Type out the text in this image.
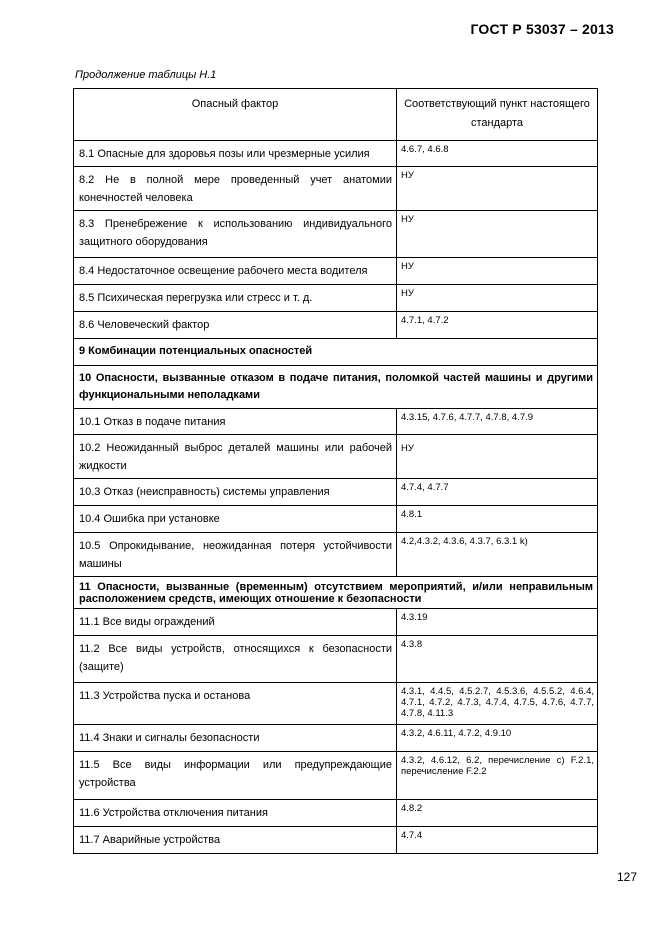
ГОСТ Р 53037 – 2013
Продолжение таблицы Н.1
Опасный фактор	Соответствующий пункт настоящего стандарта
8.1 Опасные для здоровья позы или чрезмерные усилия	4.6.7, 4.6.8
8.2 Не в полной мере проведенный учет анатомии конечностей человека	НУ
8.3 Пренебрежение к использованию индивидуального защитного оборудования	НУ
8.4 Недостаточное освещение рабочего места водителя	НУ
8.5 Психическая перегрузка или стресс и т. д.	НУ
8.6 Человеческий фактор	4.7.1, 4.7.2
9 Комбинации потенциальных опасностей	
10 Опасности, вызванные отказом в подаче питания, поломкой частей машины и другими функциональными неполадками	
10.1 Отказ в подаче питания	4.3.15, 4.7.6, 4.7.7, 4.7.8, 4.7.9
10.2 Неожиданный выброс деталей машины или рабочей жидкости	НУ
10.3 Отказ (неисправность) системы управления	4.7.4, 4.7.7
10.4 Ошибка при установке	4.8.1
10.5 Опрокидывание, неожиданная потеря устойчивости машины	4.2,4.3.2, 4.3.6, 4.3.7, 6.3.1 k)
11 Опасности, вызванные (временным) отсутствием мероприятий, и/или неправильным расположением средств, имеющих отношение к безопасности	
11.1 Все виды ограждений	4.3.19
11.2 Все виды устройств, относящихся к безопасности (защите)	4.3.8
11.3 Устройства пуска и останова	4.3.1, 4.4.5, 4.5.2.7, 4.5.3.6, 4.5.5.2, 4.6.4, 4.7.1, 4.7.2, 4.7.3, 4.7.4, 4.7.5, 4.7.6, 4.7.7, 4.7.8, 4.11.3
11.4 Знаки и сигналы безопасности	4.3.2, 4.6.11, 4.7.2, 4.9.10
11.5 Все виды информации или предупреждающие устройства	4.3.2, 4.6.12, 6.2, перечисление с) F.2.1, перечисление F.2.2
11.6 Устройства отключения питания	4.8.2
11.7 Аварийные устройства	4.7.4
127
